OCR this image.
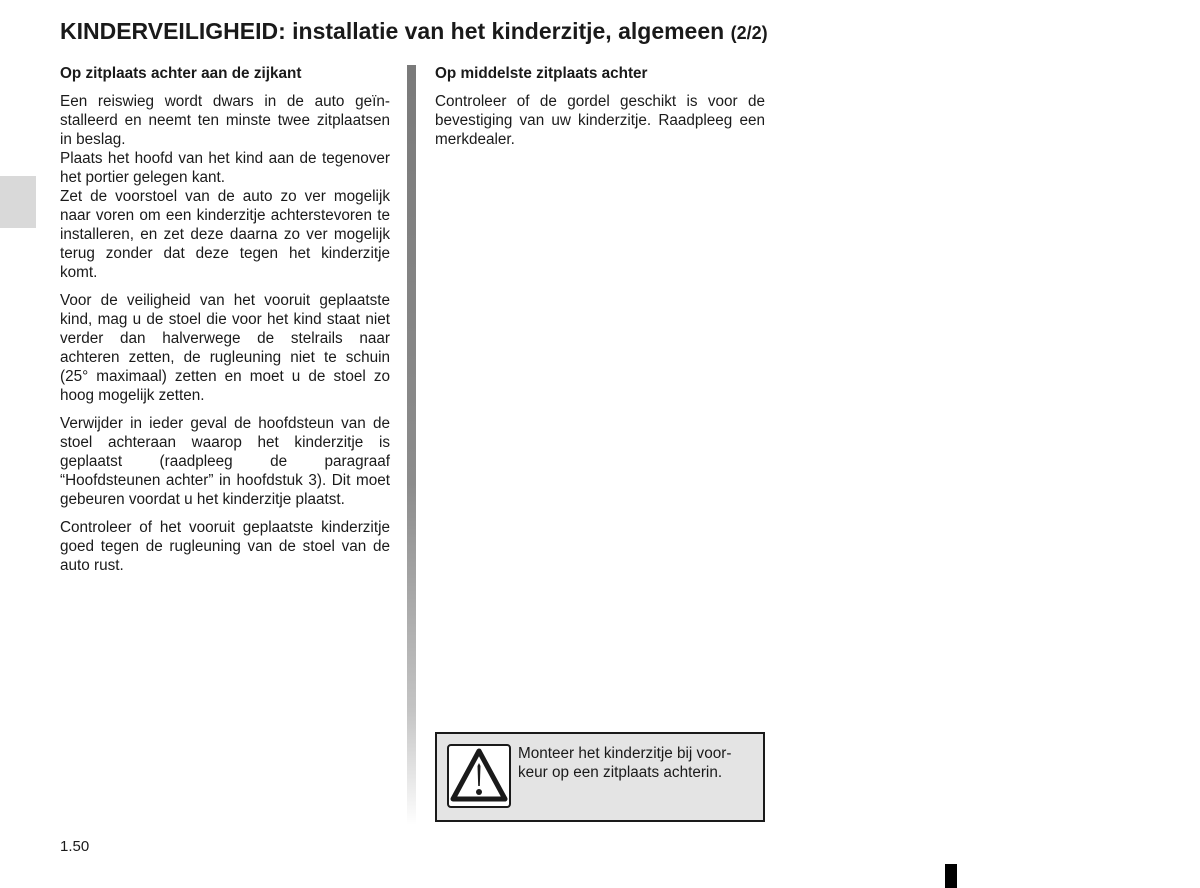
KINDERVEILIGHEID: installatie van het kinderzitje, algemeen (2/2)
Op zitplaats achter aan de zijkant

Een reiswieg wordt dwars in de auto geïnstalleerd en neemt ten minste twee zitplaatsen in beslag.

Plaats het hoofd van het kind aan de tegenover het portier gelegen kant.

Zet de voorstoel van de auto zo ver mogelijk naar voren om een kinderzitje achterstevoren te installeren, en zet deze daarna zo ver mogelijk terug zonder dat deze tegen het kinderzitje komt.

Voor de veiligheid van het vooruit geplaatste kind, mag u de stoel die voor het kind staat niet verder dan halverwege de stelrails naar achteren zetten, de rugleuning niet te schuin (25° maximaal) zetten en moet u de stoel zo hoog mogelijk zetten.

Verwijder in ieder geval de hoofdsteun van de stoel achteraan waarop het kinderzitje is geplaatst (raadpleeg de paragraaf “Hoofdsteunen achter” in hoofdstuk 3). Dit moet gebeuren voordat u het kinderzitje plaatst.

Controleer of het vooruit geplaatste kinderzitje goed tegen de rugleuning van de stoel van de auto rust.

Op middelste zitplaats achter

Controleer of de gordel geschikt is voor de bevestiging van uw kinderzitje. Raadpleeg een merkdealer.

Monteer het kinderzitje bij voorkeur op een zitplaats achterin.
1.50
